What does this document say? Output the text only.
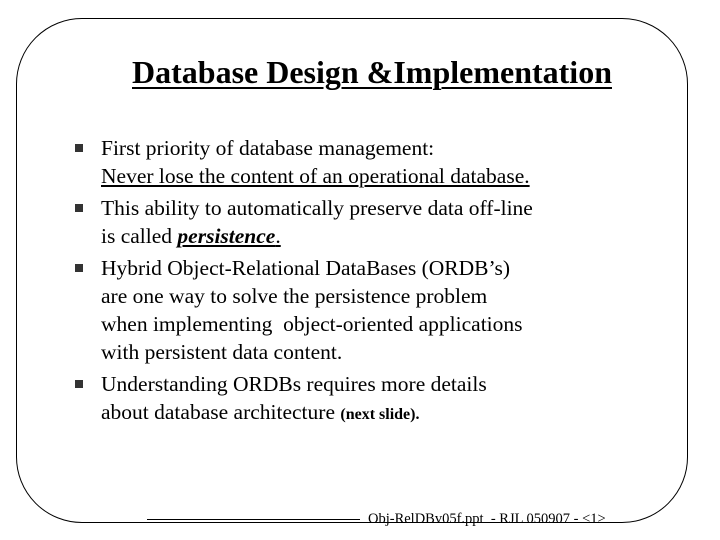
Database Design &Implementation
First priority of database management:
Never lose the content of an operational database.
This ability to automatically preserve data off-line
is called persistence.
Hybrid Object-Relational DataBases (ORDB’s)
are one way to solve the persistence problem
when implementing  object-oriented applications
with persistent data content.
Understanding ORDBs requires more details
about database architecture (next slide).
Obj-RelDBv05f.ppt  - RJL 050907 - <1>
